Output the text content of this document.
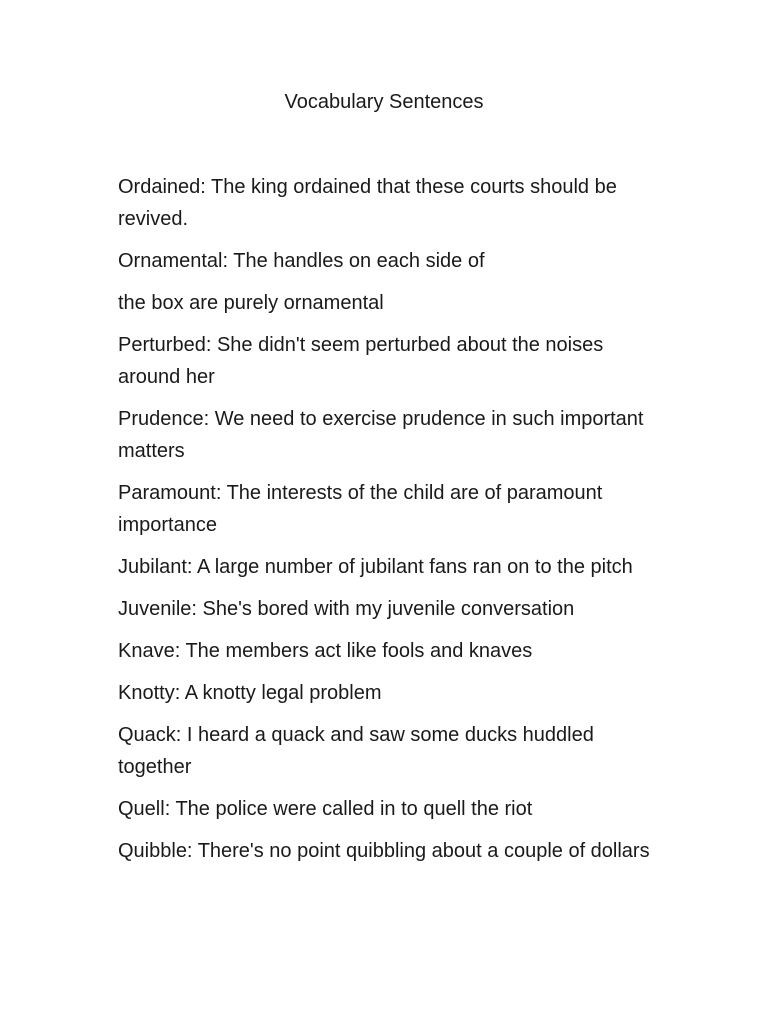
Vocabulary Sentences

Ordained: The king ordained that these courts should be revived.

Ornamental: The handles on each side of

the box are purely ornamental

Perturbed: She didn't seem perturbed about the noises around her

Prudence: We need to exercise prudence in such important matters

Paramount: The interests of the child are of paramount importance

Jubilant: A large number of jubilant fans ran on to the pitch

Juvenile: She's bored with my juvenile conversation

Knave: The members act like fools and knaves

Knotty: A knotty legal problem

Quack: I heard a quack and saw some ducks huddled together

Quell: The police were called in to quell the riot

Quibble: There's no point quibbling about a couple of dollars
